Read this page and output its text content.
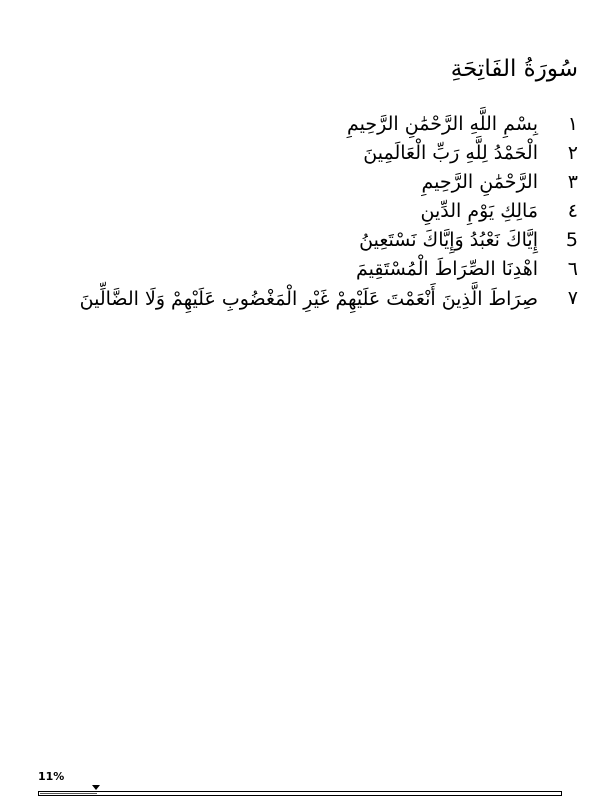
سُورَةُ الفَاتِحَةِ
١
بِسْمِ اللَّهِ الرَّحْمَٰنِ الرَّحِيمِ
٢
الْحَمْدُ لِلَّهِ رَبِّ الْعَالَمِينَ
٣
الرَّحْمَٰنِ الرَّحِيمِ
٤
مَالِكِ يَوْمِ الدِّينِ
5
إِيَّاكَ نَعْبُدُ وَإِيَّاكَ نَسْتَعِينُ
٦
اهْدِنَا الصِّرَاطَ الْمُسْتَقِيمَ
٧
صِرَاطَ الَّذِينَ أَنْعَمْتَ عَلَيْهِمْ غَيْرِ الْمَغْضُوبِ عَلَيْهِمْ وَلَا الضَّالِّينَ
11%
